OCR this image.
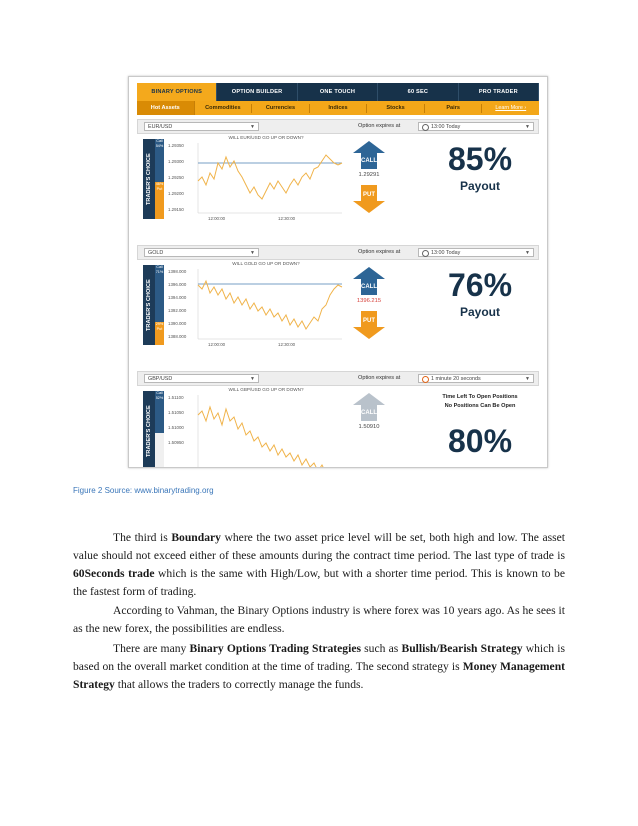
BINARY OPTIONS	OPTION BUILDER	ONE TOUCH	60 SEC	PRO TRADER
Hot Assets	Commodities	Currencies	Indices	Stocks	Pairs	Learn More ›
EUR/USD	▼	Option expires at	13:00 Today	▼
TRADER'S CHOICE
Call 54%
46% Put
WILL EUR/USD GO UP OR DOWN?
1.29350
1.29300
1.29250
1.29200
1.29150
12:00:00	12:30:00
CALL
1.29291
PUT
85%
Payout
GOLD	▼	Option expires at	13:00 Today	▼
TRADER'S CHOICE
Call 71%
29% Put
WILL GOLD GO UP OR DOWN?
1398.000
1396.000
1394.000
1392.000
1390.000
1388.000
12:00:00	12:30:00
CALL
1396.215
PUT
76%
Payout
GBP/USD	▼	Option expires at	1 minute 20 seconds	▼
TRADER'S CHOICE
Call 52%
WILL GBP/USD GO UP OR DOWN?
1.51100
1.51050
1.51000
1.50950
CALL
1.50910
Time Left To Open Positions
No Positions Can Be Open
80%
Figure 2 Source: www.binarytrading.org

The third is Boundary where the two asset price level will be set, both high and low. The asset value should not exceed either of these amounts during the contract time period. The last type of trade is 60Seconds trade which is the same with High/Low, but with a shorter time period. This is known to be the fastest form of trading.

According to Vahman, the Binary Options industry is where forex was 10 years ago. As he sees it as the new forex, the possibilities are endless.

There are many Binary Options Trading Strategies such as Bullish/Bearish Strategy which is based on the overall market condition at the time of trading. The second strategy is Money Management Strategy that allows the traders to correctly manage the funds.
